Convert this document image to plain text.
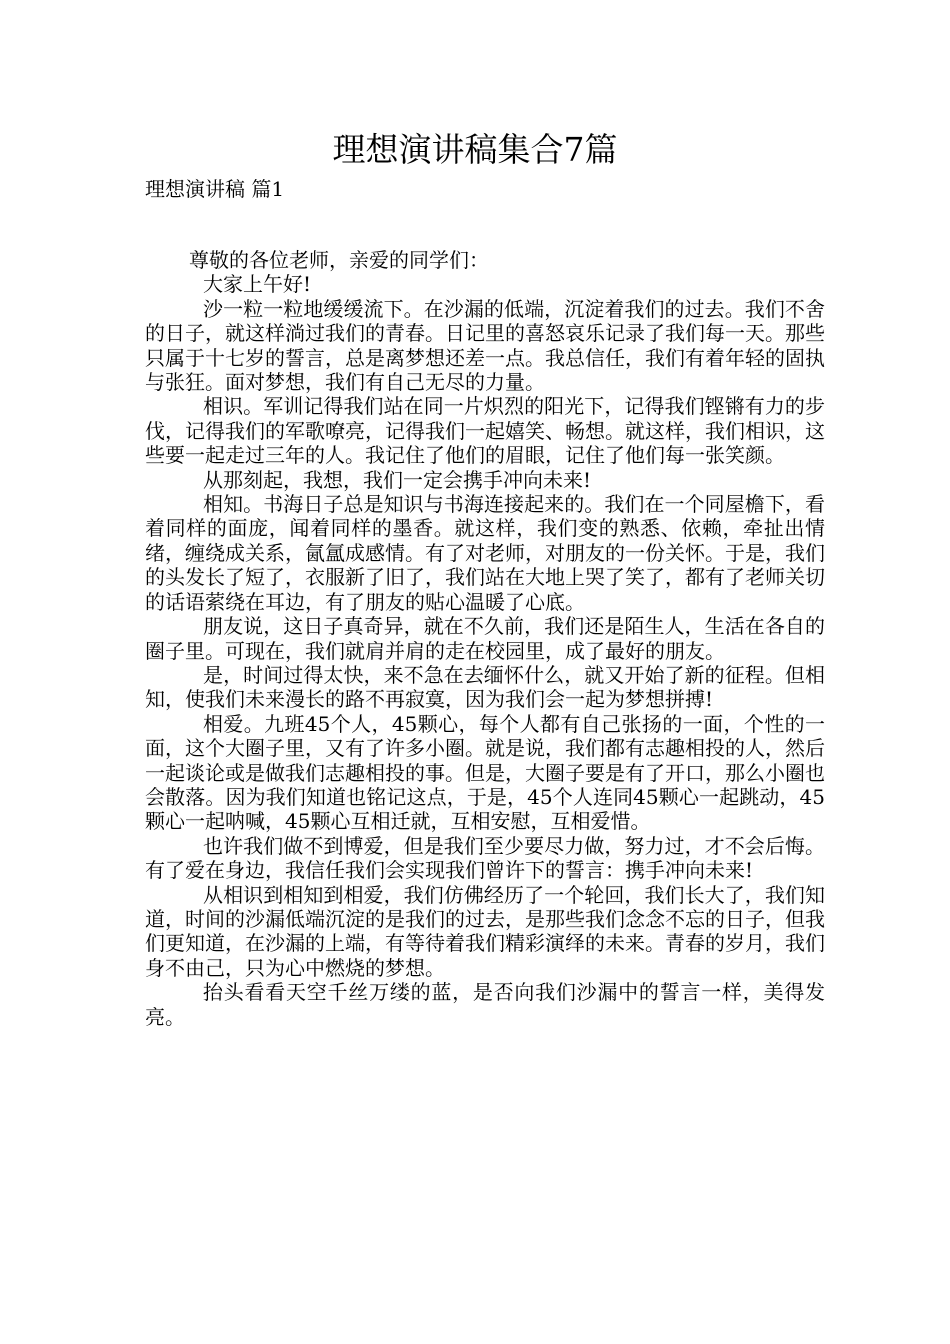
理想演讲稿集合7篇
理想演讲稿 篇1

尊敬的各位老师，亲爱的同学们：

大家上午好!

沙一粒一粒地缓缓流下。在沙漏的低端，沉淀着我们的过去。我们不舍的日子，就这样淌过我们的青春。日记里的喜怒哀乐记录了我们每一天。那些只属于十七岁的誓言，总是离梦想还差一点。我总信任，我们有着年轻的固执与张狂。面对梦想，我们有自己无尽的力量。

相识。军训记得我们站在同一片炽烈的阳光下，记得我们铿锵有力的步伐，记得我们的军歌嘹亮，记得我们一起嬉笑、畅想。就这样，我们相识，这些要一起走过三年的人。我记住了他们的眉眼，记住了他们每一张笑颜。

从那刻起，我想，我们一定会携手冲向未来!

相知。书海日子总是知识与书海连接起来的。我们在一个同屋檐下，看着同样的面庞，闻着同样的墨香。就这样，我们变的熟悉、依赖，牵扯出情绪，缠绕成关系，氤氲成感情。有了对老师，对朋友的一份关怀。于是，我们的头发长了短了，衣服新了旧了，我们站在大地上哭了笑了，都有了老师关切的话语萦绕在耳边，有了朋友的贴心温暖了心底。

朋友说，这日子真奇异，就在不久前，我们还是陌生人，生活在各自的圈子里。可现在，我们就肩并肩的走在校园里，成了最好的朋友。

是，时间过得太快，来不急在去缅怀什么，就又开始了新的征程。但相知，使我们未来漫长的路不再寂寞，因为我们会一起为梦想拼搏!

相爱。九班45个人，45颗心，每个人都有自己张扬的一面，个性的一面，这个大圈子里，又有了许多小圈。就是说，我们都有志趣相投的人，然后一起谈论或是做我们志趣相投的事。但是，大圈子要是有了开口，那么小圈也会散落。因为我们知道也铭记这点，于是，45个人连同45颗心一起跳动，45颗心一起呐喊，45颗心互相迁就，互相安慰，互相爱惜。

也许我们做不到博爱，但是我们至少要尽力做，努力过，才不会后悔。有了爱在身边，我信任我们会实现我们曾许下的誓言：携手冲向未来!

从相识到相知到相爱，我们仿佛经历了一个轮回，我们长大了，我们知道，时间的沙漏低端沉淀的是我们的过去，是那些我们念念不忘的日子，但我们更知道，在沙漏的上端，有等待着我们精彩演绎的未来。青春的岁月，我们身不由己，只为心中燃烧的梦想。

抬头看看天空千丝万缕的蓝，是否向我们沙漏中的誓言一样，美得发亮。
